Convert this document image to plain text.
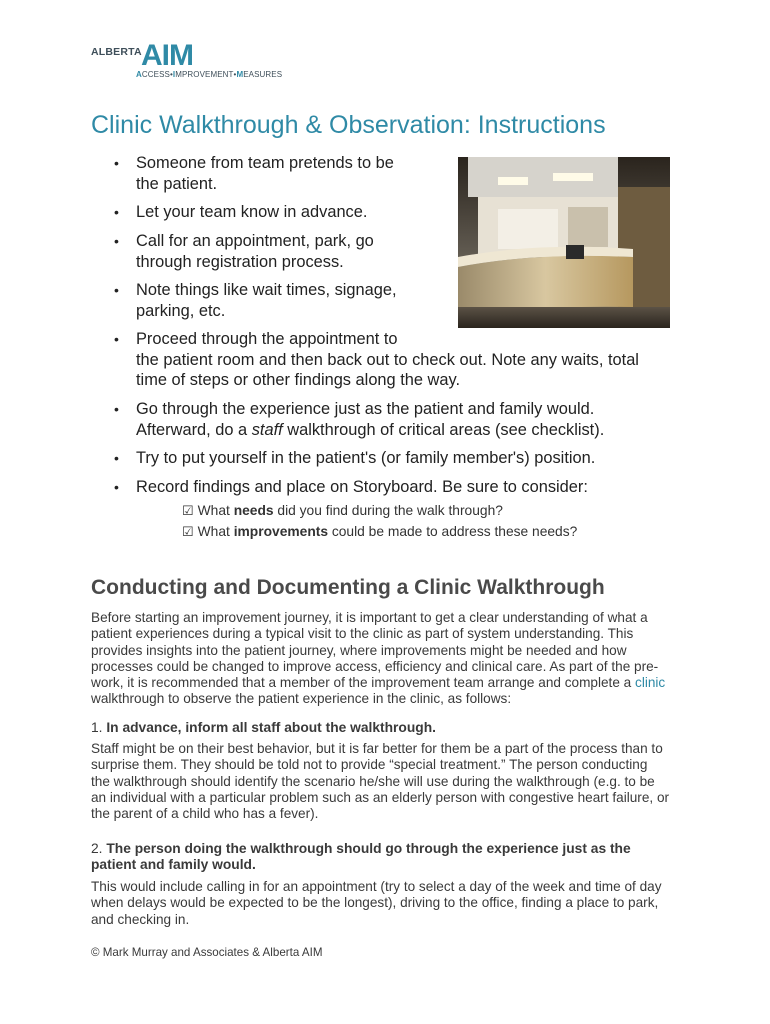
ALBERTA AIM
ACCESS•IMPROVEMENT•MEASURES
Clinic Walkthrough & Observation: Instructions
Someone from team pretends to be
the patient.
Let your team know in advance.
Call for an appointment, park, go
through registration process.
Note things like wait times, signage,
parking, etc.
Proceed through the appointment to
the patient room and then back out to check out. Note any waits, total
time of steps or other findings along the way.
Go through the experience just as the patient and family would.
Afterward, do a staff walkthrough of critical areas (see checklist).
Try to put yourself in the patient's (or family member's) position.
Record findings and place on Storyboard. Be sure to consider:
☑ What needs did you find during the walk through?
☑ What improvements could be made to address these needs?
Conducting and Documenting a Clinic Walkthrough
Before starting an improvement journey, it is important to get a clear understanding of what a
patient experiences during a typical visit to the clinic as part of system understanding. This
provides insights into the patient journey, where improvements might be needed and how
processes could be changed to improve access, efficiency and clinical care. As part of the pre-
work, it is recommended that a member of the improvement team arrange and complete a clinic
walkthrough to observe the patient experience in the clinic, as follows:
1. In advance, inform all staff about the walkthrough.
Staff might be on their best behavior, but it is far better for them be a part of the process than to
surprise them. They should be told not to provide “special treatment.” The person conducting
the walkthrough should identify the scenario he/she will use during the walkthrough (e.g. to be
an individual with a particular problem such as an elderly person with congestive heart failure, or
the parent of a child who has a fever).
2. The person doing the walkthrough should go through the experience just as the
patient and family would.
This would include calling in for an appointment (try to select a day of the week and time of day
when delays would be expected to be the longest), driving to the office, finding a place to park,
and checking in.
© Mark Murray and Associates & Alberta AIM
